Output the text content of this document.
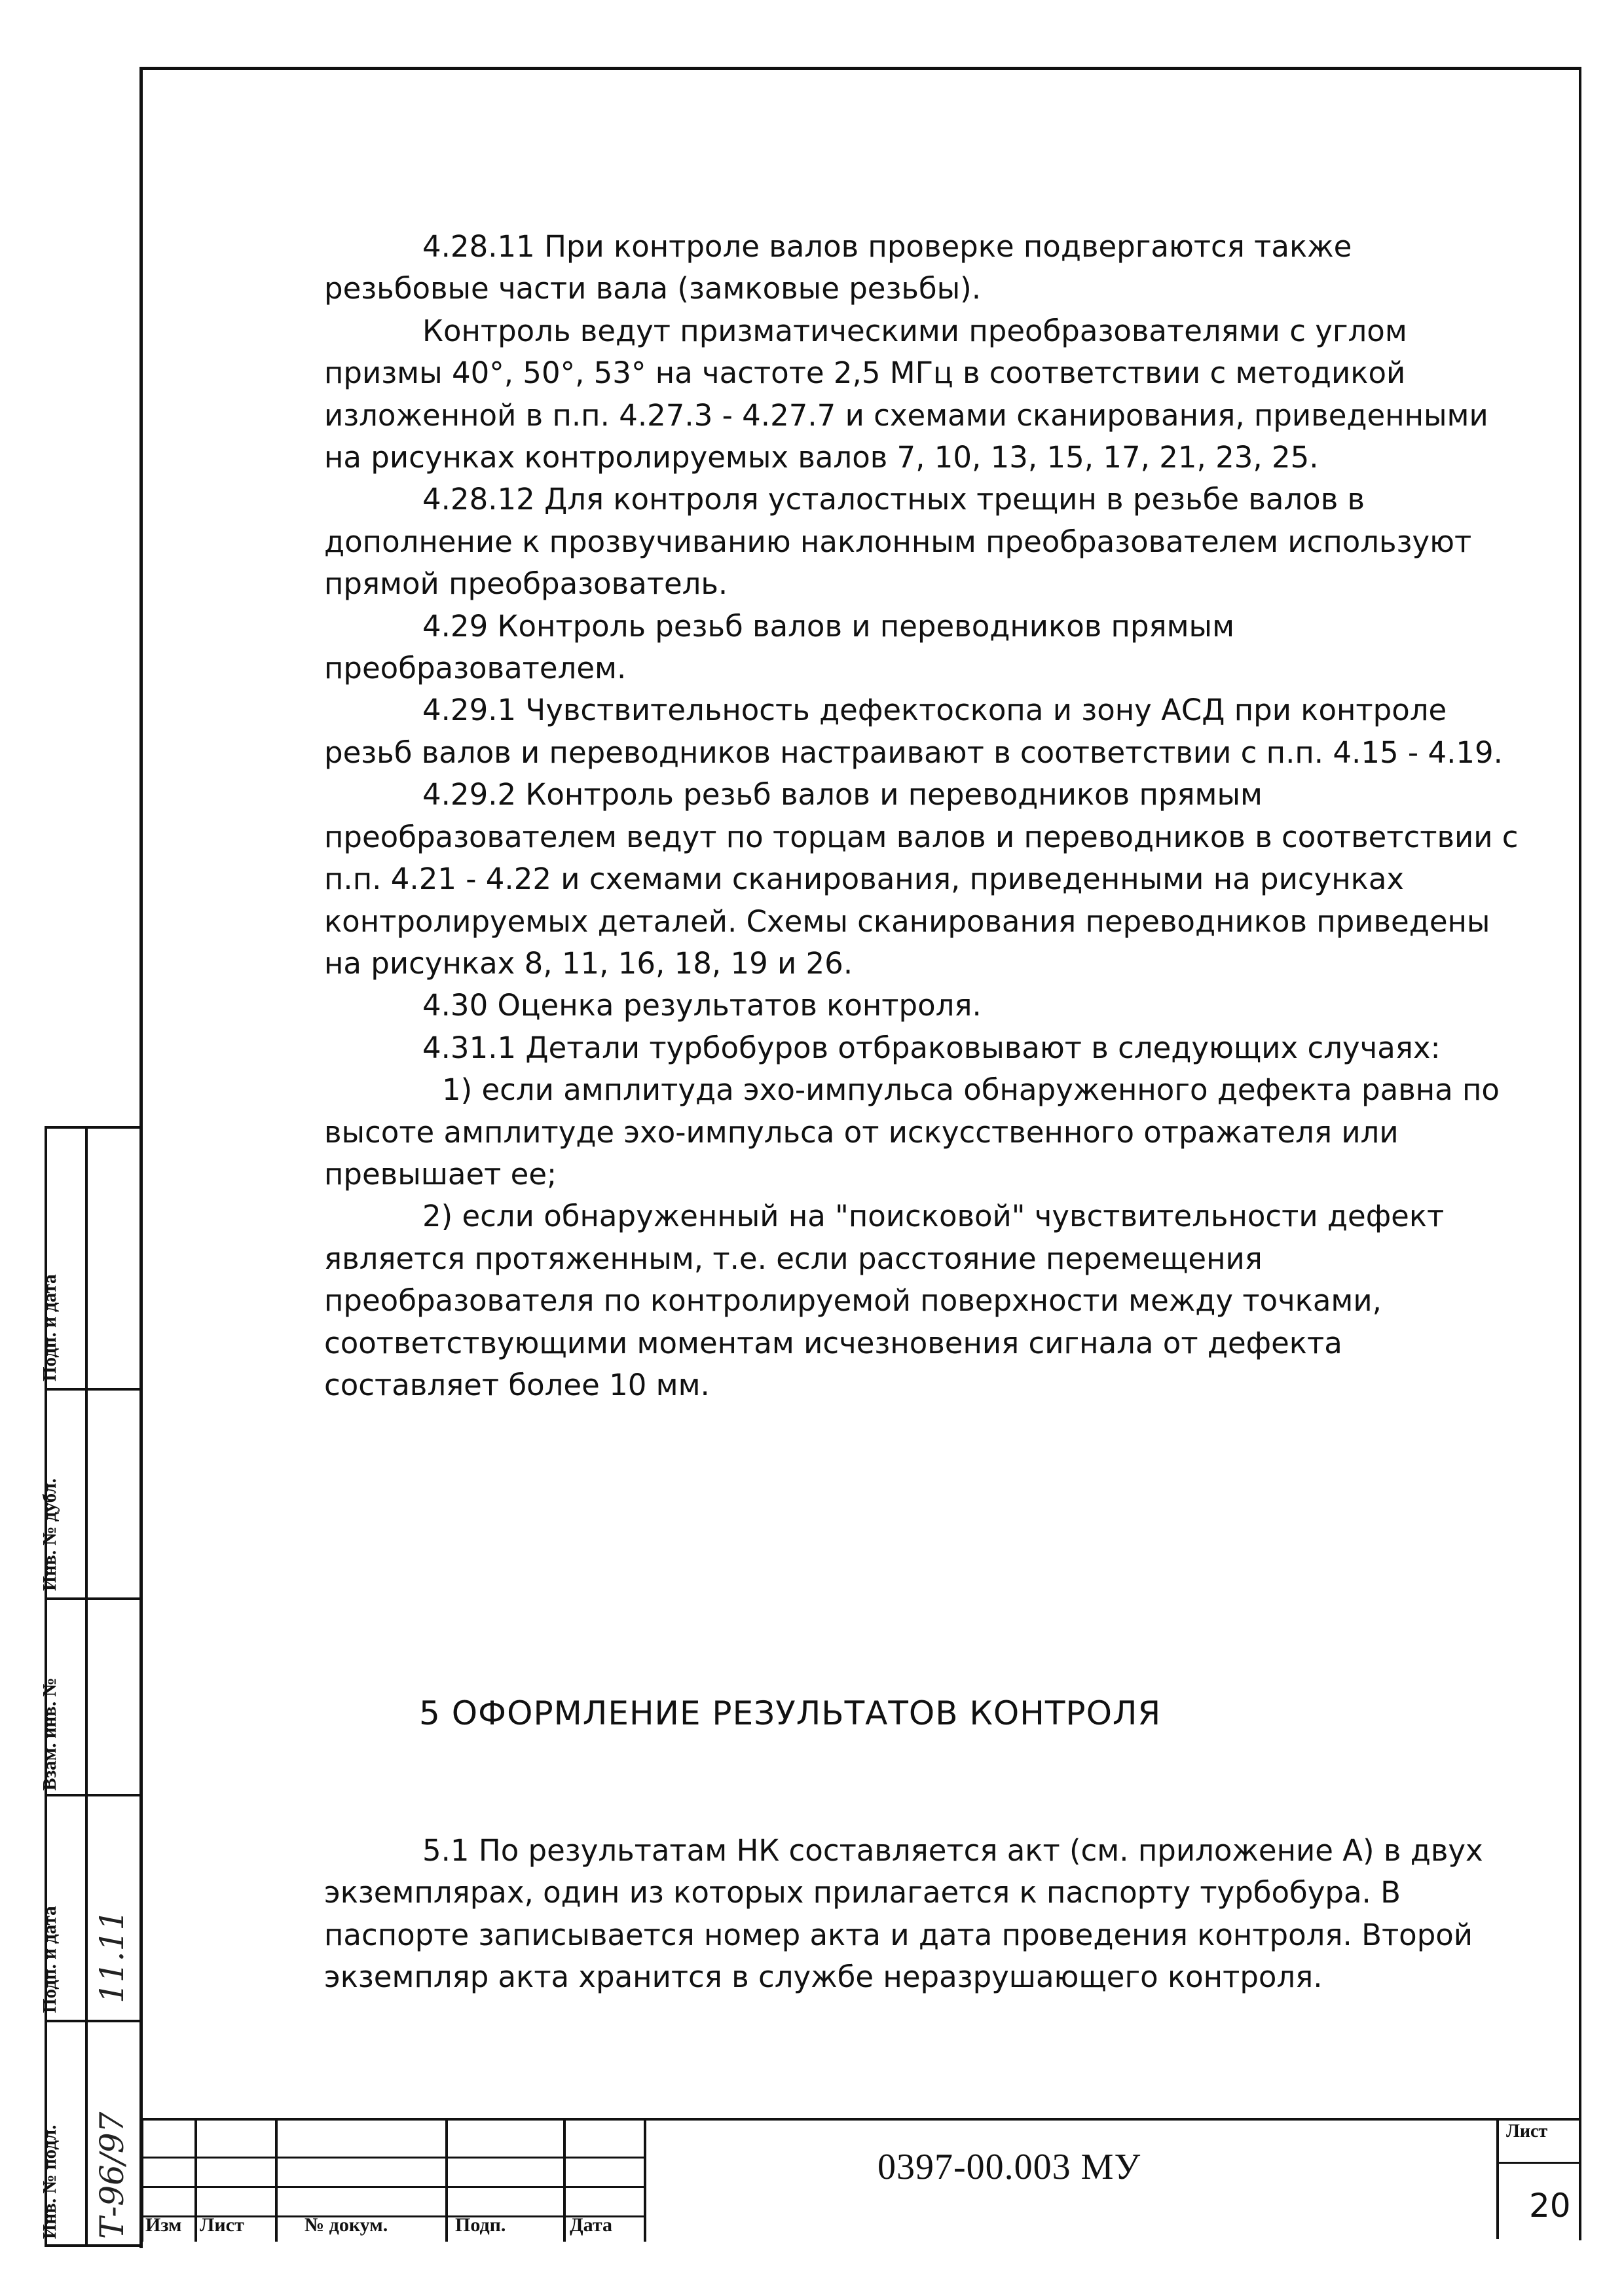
4.28.11 При контроле валов проверке подвергаются также резьбовые части вала (замковые резьбы).

Контроль ведут призматическими преобразователями с углом призмы 40°, 50°, 53° на частоте 2,5 МГц в соответствии с методикой изложенной в п.п. 4.27.3 - 4.27.7 и схемами сканирования, приведенными на рисунках контролируемых валов 7, 10, 13, 15, 17, 21, 23, 25.

4.28.12 Для контроля усталостных трещин в резьбе валов в дополнение к прозвучиванию наклонным преобразователем используют прямой преобразователь.

4.29 Контроль резьб валов и переводников прямым преобразователем.

4.29.1 Чувствительность дефектоскопа и зону АСД при контроле резьб валов и переводников настраивают в соответствии с п.п. 4.15 - 4.19.

4.29.2 Контроль резьб валов и переводников прямым преобразователем ведут по торцам валов и переводников в соответствии с п.п. 4.21 - 4.22 и схемами сканирования, приведенными на рисунках контролируемых деталей. Схемы сканирования переводников приведены на рисунках 8, 11, 16, 18, 19 и 26.

4.30 Оценка результатов контроля.

4.31.1 Детали турбобуров отбраковывают в следующих случаях:

1) если амплитуда эхо-импульса обнаруженного дефекта равна по высоте амплитуде эхо-импульса от искусственного отражателя или превышает ее;

2) если обнаруженный на "поисковой" чувствительности дефект является протяженным, т.е. если расстояние перемещения преобразователя по контролируемой поверхности между точками, соответствующими моментам исчезновения сигнала от дефекта составляет более 10 мм.

5 ОФОРМЛЕНИЕ РЕЗУЛЬТАТОВ КОНТРОЛЯ

5.1 По результатам НК составляется акт (см. приложение А) в двух экземплярах, один из которых прилагается к паспорту турбобура. В паспорте записывается номер акта и дата проведения контроля. Второй экземпляр акта хранится в службе неразрушающего контроля.

Изм Лист	№ докум.	Подп.	Дата
0397-00.003 МУ
Лист
20
Инв. № подл.
Подп. и дата
Взам. инв. №
Инв. № дубл.
Подп. и дата
Т-96/97
11.11
